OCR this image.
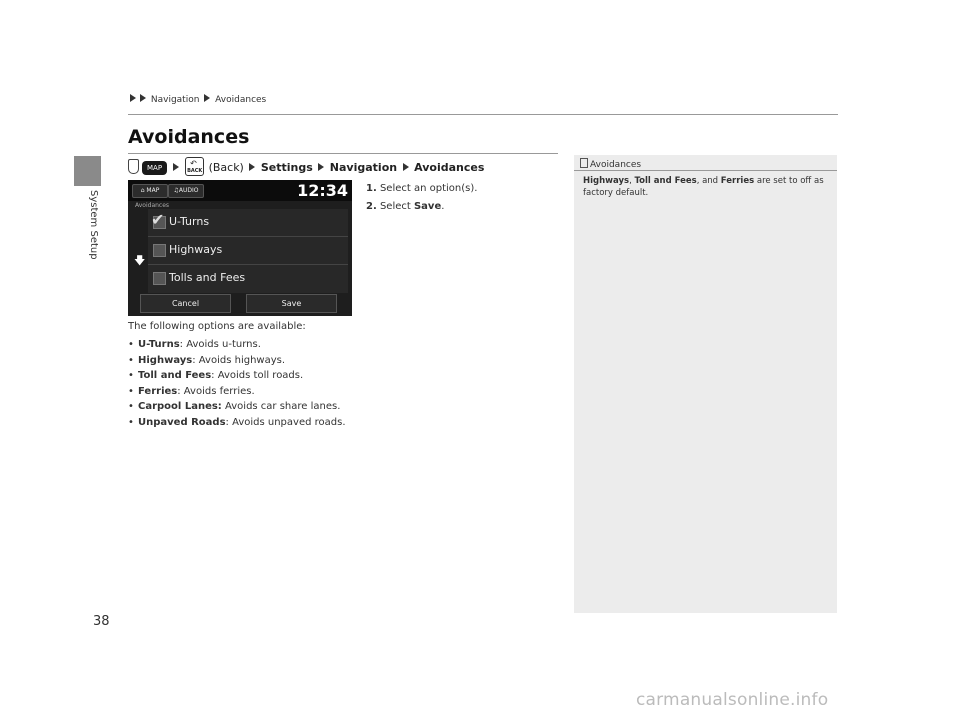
Navigation Avoidances
System Setup
Avoidances
MAP	↶
BACK (Back) Settings Navigation Avoidances
⌂ MAP	♫AUDIO	12:34
Avoidances
🡇
✔ U-Turns
Highways
Tolls and Fees
Cancel	Save
1. Select an option(s).
2. Select Save.
The following options are available:
• U-Turns: Avoids u-turns.
• Highways: Avoids highways.
• Toll and Fees: Avoids toll roads.
• Ferries: Avoids ferries.
• Carpool Lanes: Avoids car share lanes.
• Unpaved Roads: Avoids unpaved roads.
Avoidances
Highways, Toll and Fees, and Ferries are set to off as factory default.
38
carmanualsonline.info
